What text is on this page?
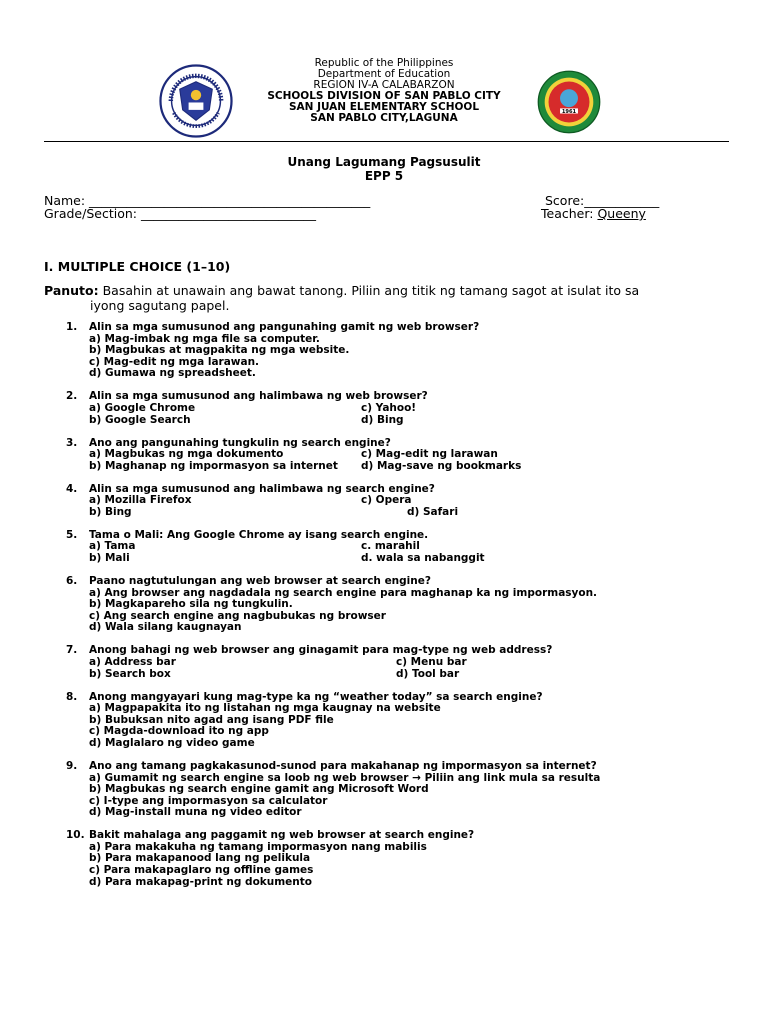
1961
Republic of the Philippines
Department of Education
REGION IV-A CALABARZON
SCHOOLS DIVISION OF SAN PABLO CITY
SAN JUAN ELEMENTARY SCHOOL
SAN PABLO CITY,LAGUNA
Unang Lagumang Pagsusulit
EPP 5
Name: _____________________________________________	Score:____________
Grade/Section: ____________________________	Teacher: Queeny
I. MULTIPLE CHOICE (1–10)
Panuto: Basahin at unawain ang bawat tanong. Piliin ang titik ng tamang sagot at isulat ito sa
iyong sagutang papel.
1.	Alin sa mga sumusunod ang pangunahing gamit ng web browser?
a) Mag-imbak ng mga file sa computer.
b) Magbukas at magpakita ng mga website.
c) Mag-edit ng mga larawan.
d) Gumawa ng spreadsheet.
2.	Alin sa mga sumusunod ang halimbawa ng web browser?
a) Google Chrome	c) Yahoo!
b) Google Search	d) Bing
3.	Ano ang pangunahing tungkulin ng search engine?
a) Magbukas ng mga dokumento	c) Mag-edit ng larawan
b) Maghanap ng impormasyon sa internet d) Mag-save ng bookmarks
4.	Alin sa mga sumusunod ang halimbawa ng search engine?
a) Mozilla Firefox	c) Opera
b) Bing	d) Safari
5.	Tama o Mali: Ang Google Chrome ay isang search engine.
a) Tama	c. marahil
b) Mali	d. wala sa nabanggit
6.	Paano nagtutulungan ang web browser at search engine?
a) Ang browser ang nagdadala ng search engine para maghanap ka ng impormasyon.
b) Magkapareho sila ng tungkulin.
c) Ang search engine ang nagbubukas ng browser
d) Wala silang kaugnayan
7.	Anong bahagi ng web browser ang ginagamit para mag-type ng web address?
a) Address bar	c) Menu bar
b) Search box	d) Tool bar
8.	Anong mangyayari kung mag-type ka ng “weather today” sa search engine?
a) Magpapakita ito ng listahan ng mga kaugnay na website
b) Bubuksan nito agad ang isang PDF file
c) Magda-download ito ng app
d) Maglalaro ng video game
9.	Ano ang tamang pagkakasunod-sunod para makahanap ng impormasyon sa internet?
a) Gumamit ng search engine sa loob ng web browser → Piliin ang link mula sa resulta
b) Magbukas ng search engine gamit ang Microsoft Word
c) I-type ang impormasyon sa calculator
d) Mag-install muna ng video editor
10. Bakit mahalaga ang paggamit ng web browser at search engine?
a) Para makakuha ng tamang impormasyon nang mabilis
b) Para makapanood lang ng pelikula
c) Para makapaglaro ng offline games
d) Para makapag-print ng dokumento
